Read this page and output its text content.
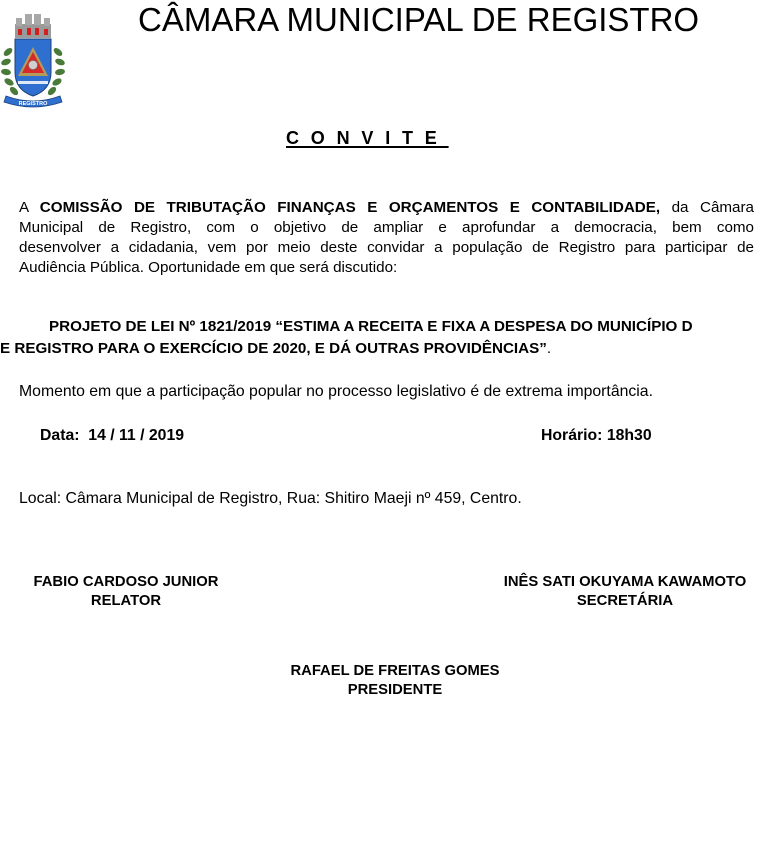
REGISTRO
CÂMARA MUNICIPAL DE REGISTRO
CONVITE
A COMISSÃO DE TRIBUTAÇÃO FINANÇAS E ORÇAMENTOS E CONTABILIDADE, da Câmara
Municipal de Registro, com o objetivo de ampliar e aprofundar a democracia, bem como
desenvolver a cidadania, vem por meio deste convidar a população de Registro para participar de
Audiência Pública. Oportunidade em que será discutido:
PROJETO DE LEI Nº 1821/2019 “ESTIMA A RECEITA E FIXA A DESPESA DO MUNICÍPIO D
E REGISTRO PARA O EXERCÍCIO DE 2020, E DÁ OUTRAS PROVIDÊNCIAS”.
Momento em que a participação popular no processo legislativo é de extrema importância.
Data: 14 / 11 / 2019	Horário: 18h30
Local: Câmara Municipal de Registro, Rua: Shitiro Maeji nº 459, Centro.
FABIO CARDOSO JUNIOR
RELATOR
INÊS SATI OKUYAMA KAWAMOTO
SECRETÁRIA
RAFAEL DE FREITAS GOMES
PRESIDENTE
